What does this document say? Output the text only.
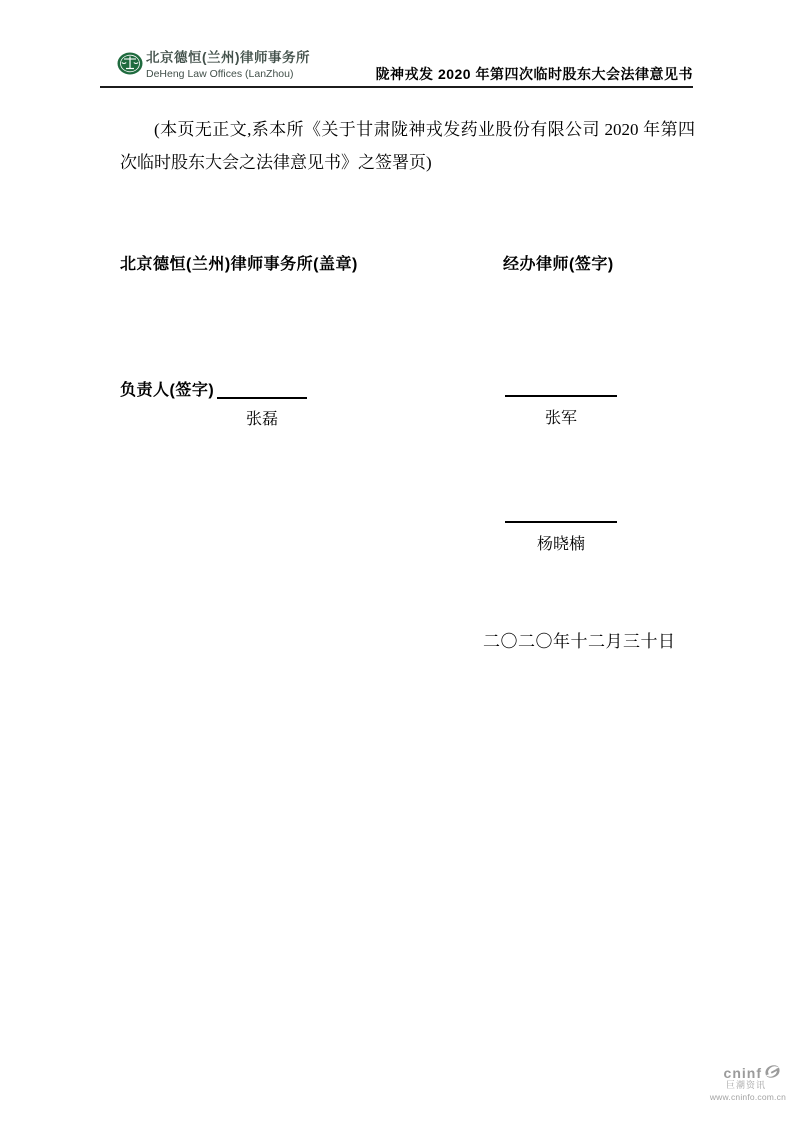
北京德恒(兰州)律师事务所
DeHeng Law Offices (LanZhou)	陇神戎发 2020 年第四次临时股东大会法律意见书

(本页无正文,系本所《关于甘肃陇神戎发药业股份有限公司 2020 年第四次临时股东大会之法律意见书》之签署页)

北京德恒(兰州)律师事务所(盖章)	经办律师(签字)
负责人(签字)
张磊	张军
杨晓楠
二〇二〇年十二月三十日
cninf
巨潮资讯
www.cninfo.com.cn
